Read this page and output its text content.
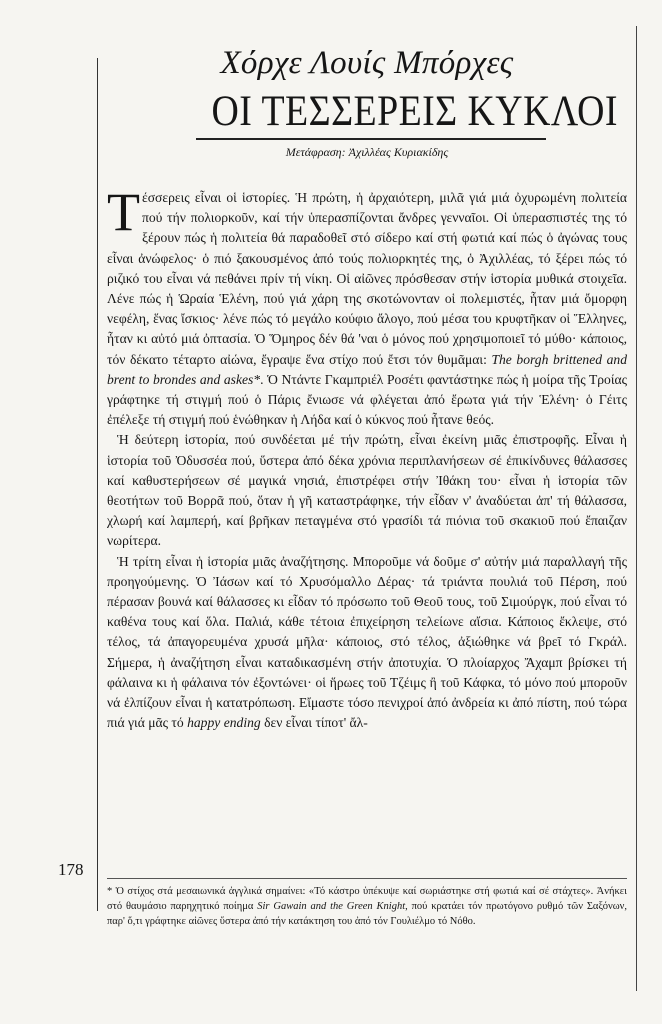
Χόρχε Λουίς Μπόρχες
ΟΙ ΤΕΣΣΕΡΕΙΣ ΚΥΚΛΟΙ
Μετάφραση: Ἀχιλλέας Κυριακίδης

Tέσσερεις εἶναι οἱ ἱστορίες. Ἡ πρώτη, ἡ ἀρχαιότερη, μιλᾶ γιά μιά ὀχυρωμένη πολιτεία πού τήν πολιορκοῦν, καί τήν ὑπερασπίζονται ἄνδρες γενναῖοι. Οἱ ὑπερασπιστές της τό ξέρουν πώς ἡ πολιτεία θά παραδοθεῖ στό σίδερο καί στή φωτιά καί πώς ὁ ἀγώνας τους εἶναι ἀνώφελος· ὁ πιό ξακουσμένος ἀπό τούς πολιορκητές της, ὁ Ἀχιλλέας, τό ξέρει πώς τό ριζικό του εἶναι νά πεθάνει πρίν τή νίκη. Οἱ αἰῶνες πρόσθεσαν στήν ἱστορία μυθικά στοιχεῖα. Λένε πώς ἡ Ὡραία Ἑλένη, πού γιά χάρη της σκοτώνονταν οἱ πολεμιστές, ἦταν μιά ὄμορφη νεφέλη, ἕνας ἴσκιος· λένε πώς τό μεγάλο κούφιο ἄλογο, πού μέσα του κρυφτῆκαν οἱ Ἕλληνες, ἦταν κι αὐτό μιά ὀπτασία. Ὁ Ὅμηρος δέν θά 'ναι ὁ μόνος πού χρησιμοποιεῖ τό μύθο· κάποιος, τόν δέκατο τέταρτο αἰώνα, ἔγραψε ἕνα στίχο πού ἔτσι τόν θυμᾶμαι: The borgh brittened and brent to brondes and askes*. Ὁ Ντάντε Γκαμπριέλ Ροσέτι φαντάστηκε πώς ἡ μοίρα τῆς Τροίας γράφτηκε τή στιγμή πού ὁ Πάρις ἔνιωσε νά φλέγεται ἀπό ἔρωτα γιά τήν Ἑλένη· ὁ Γέιτς ἐπέλεξε τή στιγμή πού ἑνώθηκαν ἡ Λήδα καί ὁ κύκνος πού ἦτανε θεός.

Ἡ δεύτερη ἱστορία, πού συνδέεται μέ τήν πρώτη, εἶναι ἐκείνη μιᾶς ἐπιστροφῆς. Εἶναι ἡ ἱστορία τοῦ Ὀδυσσέα πού, ὕστερα ἀπό δέκα χρόνια περιπλανήσεων σέ ἐπικίνδυνες θάλασσες καί καθυστερήσεων σέ μαγικά νησιά, ἐπιστρέφει στήν Ἰθάκη του· εἶναι ἡ ἱστορία τῶν θεοτήτων τοῦ Βορρᾶ πού, ὅταν ἡ γῆ καταστράφηκε, τήν εἶδαν ν' ἀναδύεται ἀπ' τή θάλασσα, χλωρή καί λαμπερή, καί βρῆκαν πεταγμένα στό γρασίδι τά πιόνια τοῦ σκακιοῦ πού ἔπαιζαν νωρίτερα.

Ἡ τρίτη εἶναι ἡ ἱστορία μιᾶς ἀναζήτησης. Μποροῦμε νά δοῦμε σ' αὐτήν μιά παραλλαγή τῆς προηγούμενης. Ὁ Ἰάσων καί τό Χρυσόμαλλο Δέρας· τά τριάντα πουλιά τοῦ Πέρση, πού πέρασαν βουνά καί θάλασσες κι εἶδαν τό πρόσωπο τοῦ Θεοῦ τους, τοῦ Σιμούργκ, πού εἶναι τό καθένα τους καί ὅλα. Παλιά, κάθε τέτοια ἐπιχείρηση τελείωνε αἴσια. Κάποιος ἔκλεψε, στό τέλος, τά ἀπαγορευμένα χρυσά μῆλα· κάποιος, στό τέλος, ἀξιώθηκε νά βρεῖ τό Γκράλ. Σήμερα, ἡ ἀναζήτηση εἶναι καταδικασμένη στήν ἀποτυχία. Ὁ πλοίαρχος Ἄχαμπ βρίσκει τή φάλαινα κι ἡ φάλαινα τόν ἐξοντώνει· οἱ ἥρωες τοῦ Τζέιμς ἢ τοῦ Κάφκα, τό μόνο πού μποροῦν νά ἐλπίζουν εἶναι ἡ κατατρόπωση. Εἴμαστε τόσο πενιχροί ἀπό ἀνδρεία κι ἀπό πίστη, πού τώρα πιά γιά μᾶς τό happy ending δεν εἶναι τίποτ' ἄλ-

178
* Ὁ στίχος στά μεσαιωνικά ἀγγλικά σημαίνει: «Τό κάστρο ὑπέκυψε καί σωριάστηκε στή φωτιά καί σέ στάχτες». Ἀνήκει στό θαυμάσιο παρηχητικό ποίημα Sir Gawain and the Green Knight, πού κρατάει τόν πρωτόγονο ρυθμό τῶν Σαξόνων, παρ' ὅ,τι γράφτηκε αἰῶνες ὕστερα ἀπό τήν κατάκτηση του ἀπό τόν Γουλιέλμο τό Νόθο.
